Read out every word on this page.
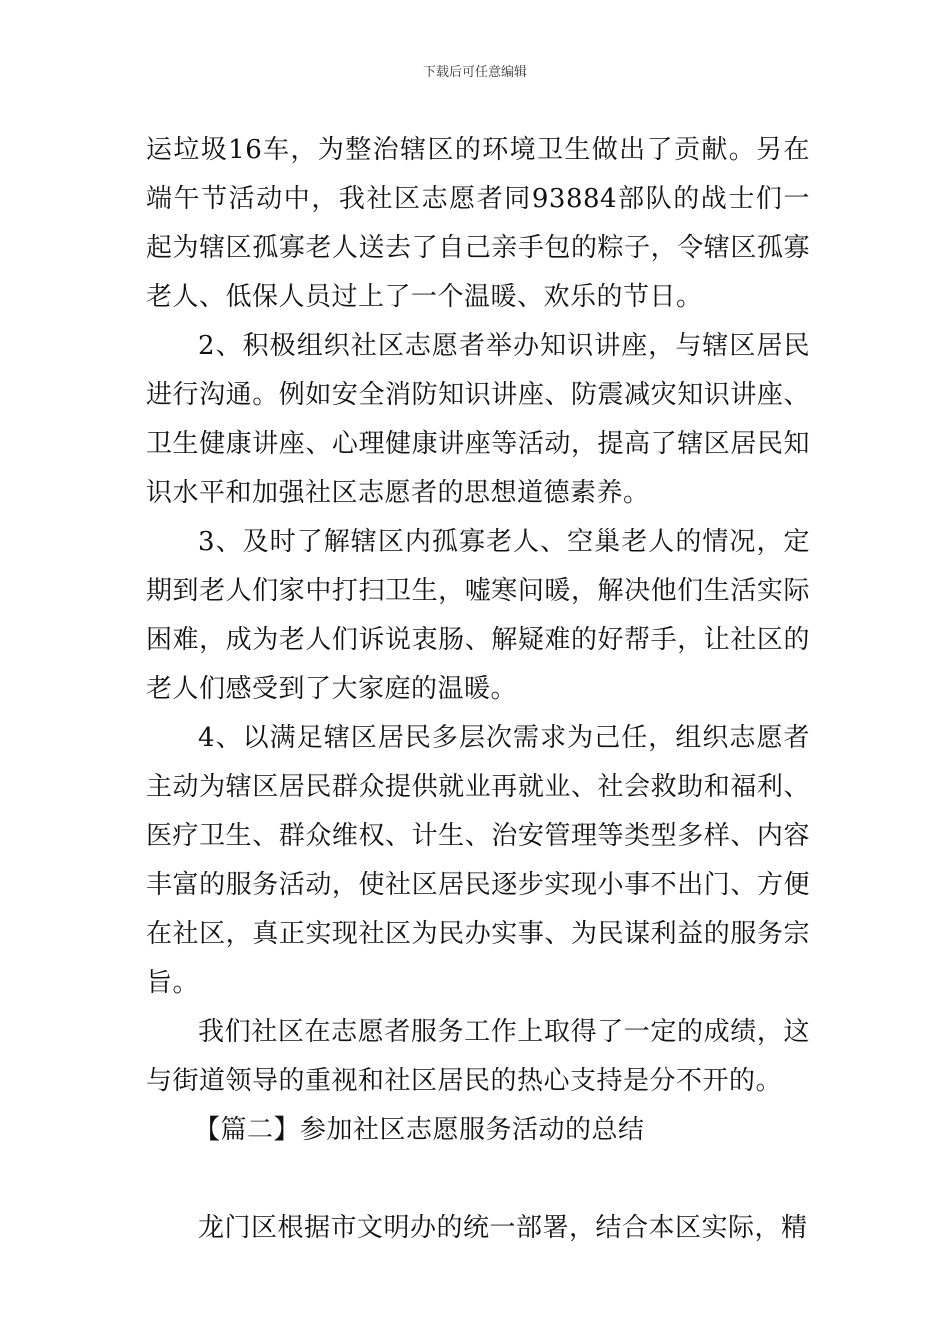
下载后可任意编辑

运垃圾16车，为整治辖区的环境卫生做出了贡献。另在端午节活动中，我社区志愿者同93884部队的战士们一起为辖区孤寡老人送去了自己亲手包的粽子，令辖区孤寡老人、低保人员过上了一个温暖、欢乐的节日。

2、积极组织社区志愿者举办知识讲座，与辖区居民进行沟通。例如安全消防知识讲座、防震减灾知识讲座、卫生健康讲座、心理健康讲座等活动，提高了辖区居民知识水平和加强社区志愿者的思想道德素养。

3、及时了解辖区内孤寡老人、空巢老人的情况，定期到老人们家中打扫卫生，嘘寒问暖，解决他们生活实际困难，成为老人们诉说衷肠、解疑难的好帮手，让社区的老人们感受到了大家庭的温暖。

4、以满足辖区居民多层次需求为己任，组织志愿者主动为辖区居民群众提供就业再就业、社会救助和福利、医疗卫生、群众维权、计生、治安管理等类型多样、内容丰富的服务活动，使社区居民逐步实现小事不出门、方便在社区，真正实现社区为民办实事、为民谋利益的服务宗旨。

我们社区在志愿者服务工作上取得了一定的成绩，这与街道领导的重视和社区居民的热心支持是分不开的。

【篇二】参加社区志愿服务活动的总结

龙门区根据市文明办的统一部署，结合本区实际，精
